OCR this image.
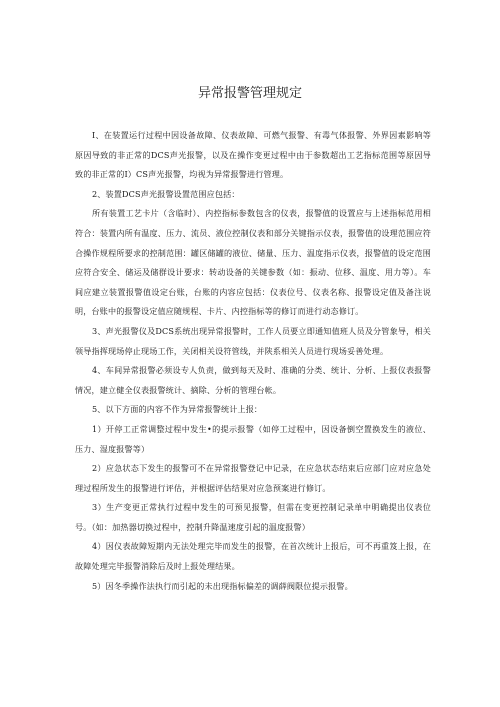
异常报警管理规定

I、在装置运行过程中因设备故障、仪表故障、可燃气报警、有毒气体报警、外界因素影响等原因导致的非正常的DCS声光报警，以及在操作变更过程中由于参数超出工艺指标范围等原因导致的非正常的I）CS声光报警，均视为异常报警进行管理。

2、装置DCS声光报警设置范围应包括：

所有装置工艺卡片（含临时）、内控指标参数包含的仪表，报警值的设置应与上述指标范用相符合：装置内所有温度、压力、流员、液位控制仪表和部分关键指示仪表，报警值的设理范围应符合操作规程所要求的控制范围：罐区储罐的液位、储量、压力、温度指示仪表，报警值的设定范围应符合安全、储运及储群设计要求：转动设备的关键参数（如：振动、位移、温度、用力等）。车间应建立装置报警值设定台账，台账的内容应包括：仪表位号、仪表名称、报警设定值及备注说明，台账中的报警设定值应随规程、卡片、内控指标等的修订而进行动态修订。

3、声光报警仪及DCS系统出现异常报警时，工作人员要立即通知值班人员及分管象导，相关领导指挥现场停止现场工作，关闭相关设符管线，并陕系相关人员进行现场妥善处理。

4、车间异常报警必须设专人负责，做到每天及时、准确的分类、统计、分析、上报仪表报警情况，建立健全仪表报警统计、摘除、分析的管理台帐。

5、以下方面的内容不作为异常报警统计上报：

1）开停工正常调整过程中发生•的提示报警（如停工过程中，因设备倒空置换发生的液位、压力、湿度报警等）

2）应急状态下发生的报警可不在异常报警登记中记录，在应急状态结束后应部门应对应急处理过程所发生的报警进行评估，并根据评估结果对应急预案进行修订。

3）生产变更正常执行过程中发生的可预见报警，但需在变更控制记录单中明确提出仪表位号。（如：加热器切换过程中，控制升降温速度引起的温度报警）

4）因仪表故障短期内无法处理完毕而发生的报警，在首次统计上报后，可不再重笈上报，在故障处理完毕报警消除后及时上报处理结果。

5）因冬季操作法执行而引起的未出现指标偏差的调薛阀限位提示报警。
